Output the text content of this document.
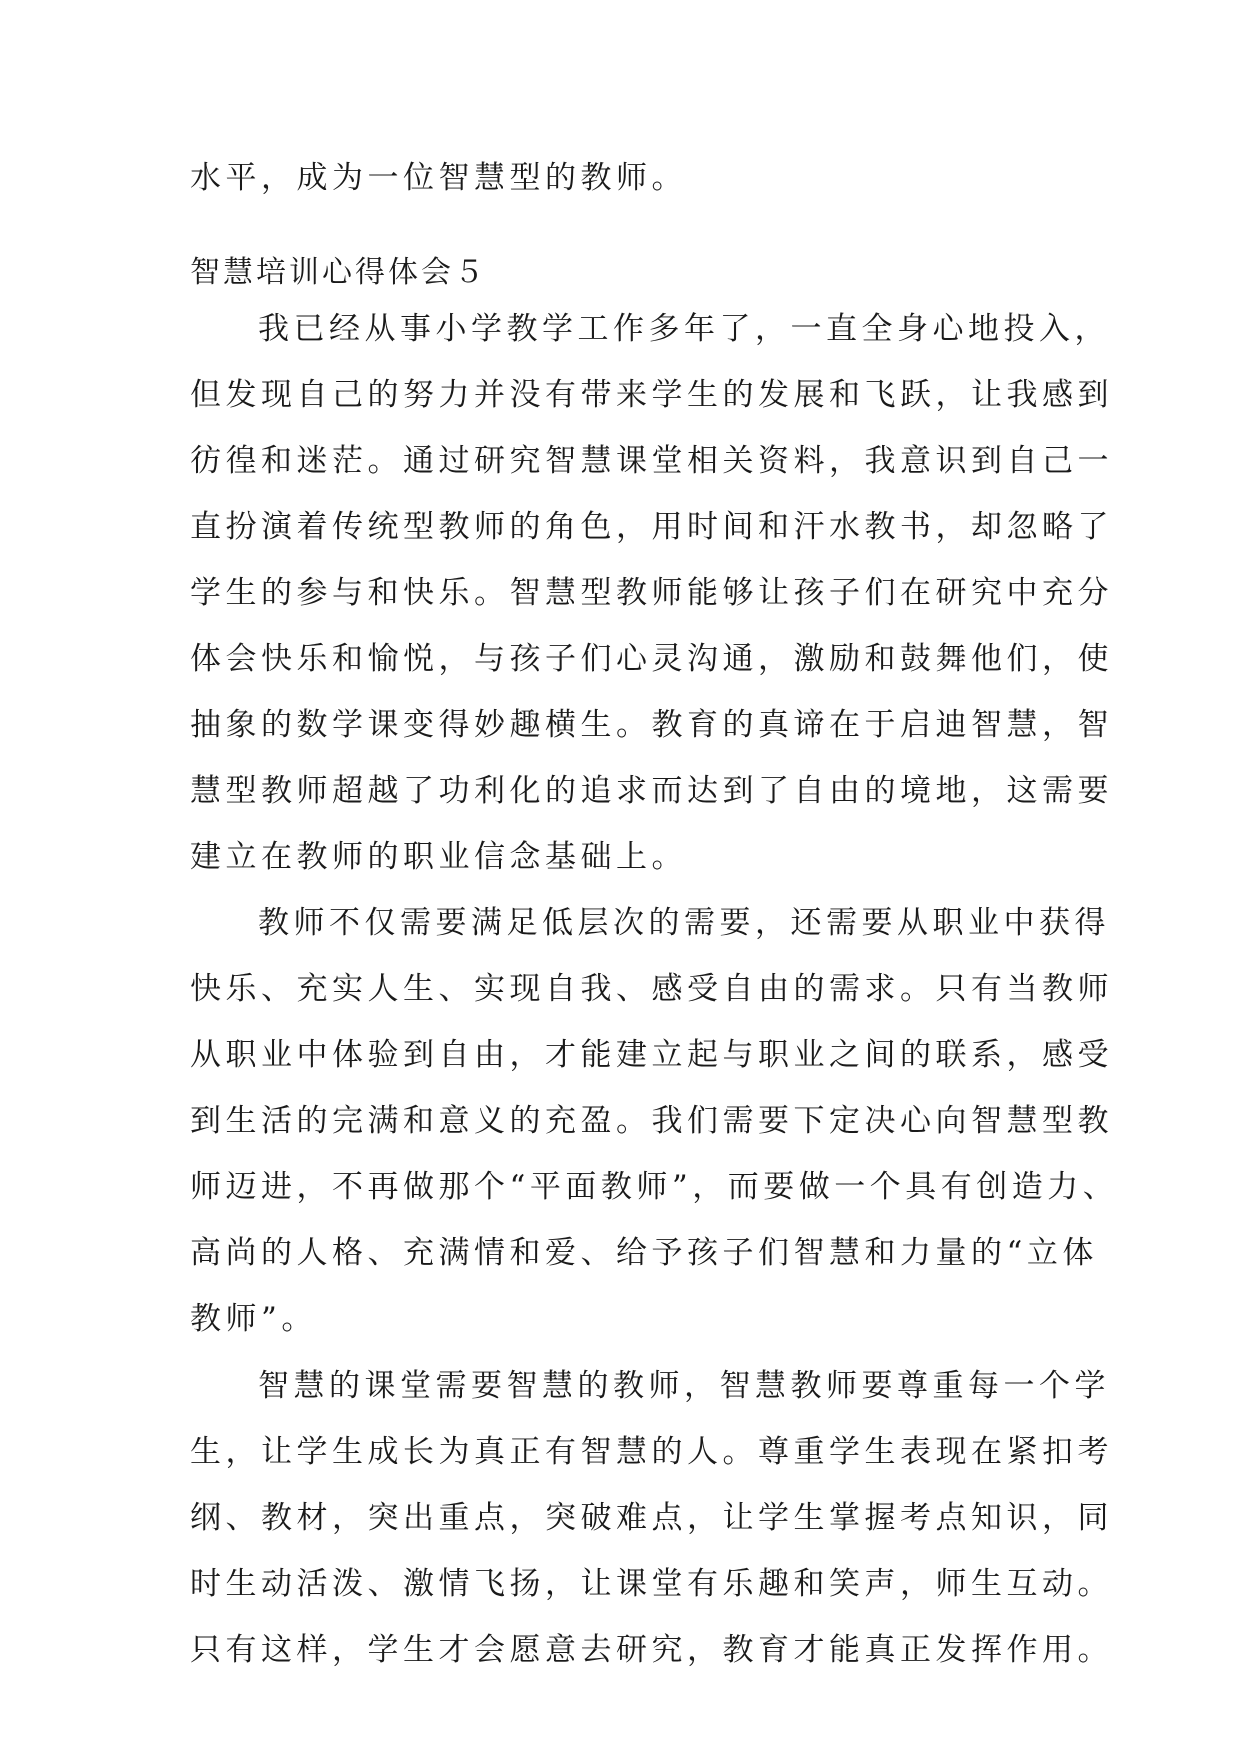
水平，成为一位智慧型的教师。
智慧培训心得体会５
我已经从事小学教学工作多年了，一直全身心地投入，
但发现自己的努力并没有带来学生的发展和飞跃，让我感到
彷徨和迷茫。通过研究智慧课堂相关资料，我意识到自己一
直扮演着传统型教师的角色，用时间和汗水教书，却忽略了
学生的参与和快乐。智慧型教师能够让孩子们在研究中充分
体会快乐和愉悦，与孩子们心灵沟通，激励和鼓舞他们，使
抽象的数学课变得妙趣横生。教育的真谛在于启迪智慧，智
慧型教师超越了功利化的追求而达到了自由的境地，这需要
建立在教师的职业信念基础上。
教师不仅需要满足低层次的需要，还需要从职业中获得
快乐、充实人生、实现自我、感受自由的需求。只有当教师
从职业中体验到自由，才能建立起与职业之间的联系，感受
到生活的完满和意义的充盈。我们需要下定决心向智慧型教
师迈进，不再做那个“平面教师”，而要做一个具有创造力、
高尚的人格、充满情和爱、给予孩子们智慧和力量的“立体
教师”。
智慧的课堂需要智慧的教师，智慧教师要尊重每一个学
生，让学生成长为真正有智慧的人。尊重学生表现在紧扣考
纲、教材，突出重点，突破难点，让学生掌握考点知识，同
时生动活泼、激情飞扬，让课堂有乐趣和笑声，师生互动。
只有这样，学生才会愿意去研究，教育才能真正发挥作用。
